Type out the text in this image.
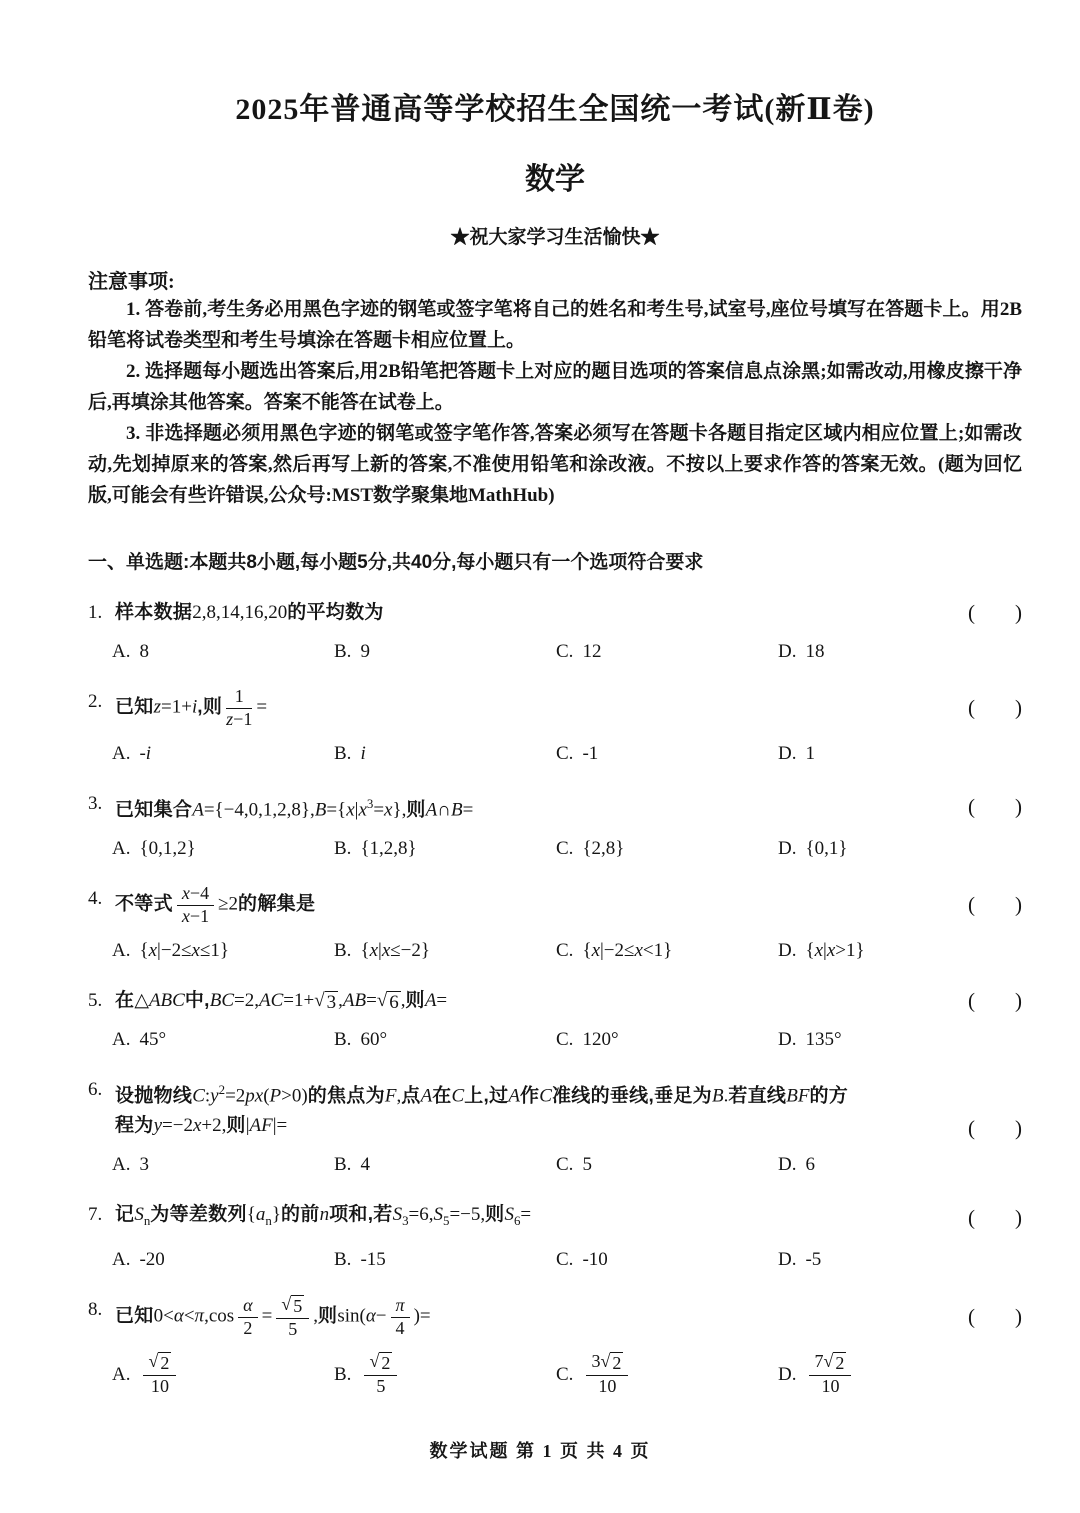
2025年普通高等学校招生全国统一考试(新Ⅱ卷)
数学
★祝大家学习生活愉快★
注意事项:

1. 答卷前,考生务必用黑色字迹的钢笔或签字笔将自己的姓名和考生号,试室号,座位号填写在答题卡上。用2B铅笔将试卷类型和考生号填涂在答题卡相应位置上。

2. 选择题每小题选出答案后,用2B铅笔把答题卡上对应的题目选项的答案信息点涂黑;如需改动,用橡皮擦干净后,再填涂其他答案。答案不能答在试卷上。

3. 非选择题必须用黑色字迹的钢笔或签字笔作答,答案必须写在答题卡各题目指定区域内相应位置上;如需改动,先划掉原来的答案,然后再写上新的答案,不准使用铅笔和涂改液。不按以上要求作答的答案无效。(题为回忆版,可能会有些许错误,公众号:MST数学聚集地MathHub)

一、单选题:本题共8小题,每小题5分,共40分,每小题只有一个选项符合要求
1. 样本数据2,8,14,16,20的平均数为	( )
A. 8	B. 9	C. 12	D. 18
2. 已知z=1+i,则 $\frac{1}{z-1}$ =	( )
A. -i	B. i	C. -1	D. 1
3. 已知集合$A=\{-4,0,1,2,8\},B=\{x|x^3=x\}$,则A∩B=	( )
A. {0,1,2}	B. {1,2,8}	C. {2,8}	D. {0,1}
4. 不等式 $\frac{x-4}{x-1} \ge 2$的解集是	( )
A. {x|−2≤x≤1}	B. {x|x≤−2}	C. {x|−2≤x<1}	D. {x|x>1}
5. 在△ABC中,BC=2,AC=1+ √ 3 ,AB= √ 6 ,则A=	( )
A. 45°	B. 60°	C. 120°	D. 135°
6. 设抛物线$C:y^2=2px(P>0)$的焦点为F,点A在C上,过A作C准线的垂线,垂足为B.若直线BF的方
程为y=−2x+2,则|AF|=	( )
A. 3	B. 4	C. 5	D. 6
7. 记$S_n$为等差数列$\{a_n\}$的前n项和,若$S_3=6,S_5=-5$,则$S_6=$	( )
A. -20	B. -15	C. -10	D. -5
8. 已知$0<\alpha<\pi,\cos \frac{\alpha}{2} = \frac{√ 5}{5}$ ,则$\sin(\alpha- \frac{\pi}{4}$ )=	( )
A. $\frac{√ 2}{10}$	B. $\frac{√ 2}{5}$	C. $\frac{3 √ 2}{10}$	D. $\frac{7 √ 2}{10}$
数学试题 第 1 页 共 4 页
